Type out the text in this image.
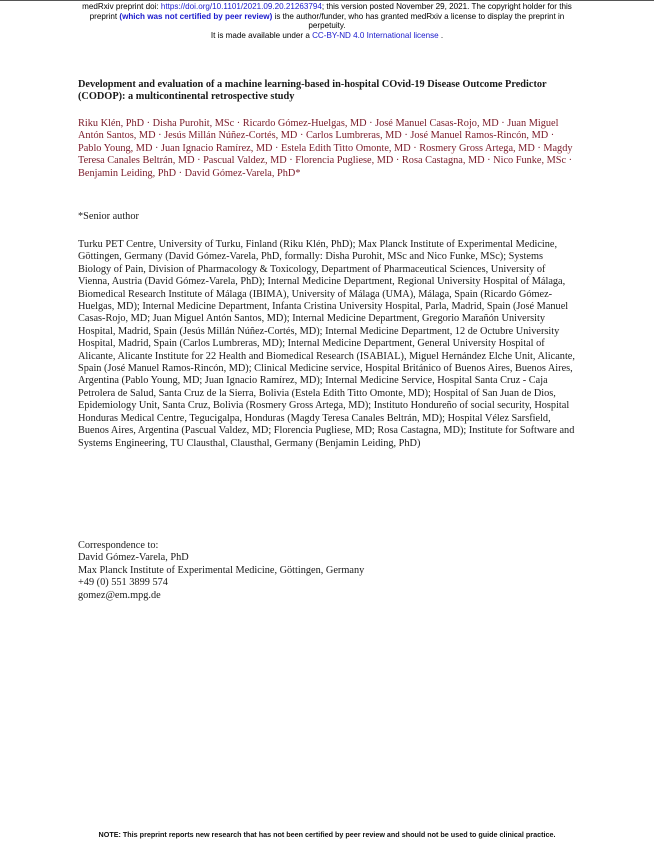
medRxiv preprint doi: https://doi.org/10.1101/2021.09.20.21263794; this version posted November 29, 2021. The copyright holder for this
preprint (which was not certified by peer review) is the author/funder, who has granted medRxiv a license to display the preprint in
perpetuity.
It is made available under a CC-BY-ND 4.0 International license .
Development and evaluation of a machine learning-based in-hospital COvid-19 Disease Outcome Predictor (CODOP): a multicontinental retrospective study
Riku Klén, PhD · Disha Purohit, MSc · Ricardo Gómez-Huelgas, MD · José Manuel Casas-Rojo, MD · Juan Miguel Antón Santos, MD · Jesús Millán Núñez-Cortés, MD · Carlos Lumbreras, MD · José Manuel Ramos-Rincón, MD · Pablo Young, MD · Juan Ignacio Ramírez, MD · Estela Edith Titto Omonte, MD · Rosmery Gross Artega, MD · Magdy Teresa Canales Beltrán, MD · Pascual Valdez, MD · Florencia Pugliese, MD · Rosa Castagna, MD · Nico Funke, MSc · Benjamin Leiding, PhD · David Gómez-Varela, PhD*
*Senior author
Turku PET Centre, University of Turku, Finland (Riku Klén, PhD); Max Planck Institute of Experimental Medicine, Göttingen, Germany (David Gómez-Varela, PhD, formally: Disha Purohit, MSc and Nico Funke, MSc); Systems Biology of Pain, Division of Pharmacology & Toxicology, Department of Pharmaceutical Sciences, University of Vienna, Austria (David Gómez-Varela, PhD); Internal Medicine Department, Regional University Hospital of Málaga, Biomedical Research Institute of Málaga (IBIMA), University of Málaga (UMA), Málaga, Spain (Ricardo Gómez-Huelgas, MD); Internal Medicine Department, Infanta Cristina University Hospital, Parla, Madrid, Spain (José Manuel Casas-Rojo, MD; Juan Miguel Antón Santos, MD); Internal Medicine Department, Gregorio Marañón University Hospital, Madrid, Spain (Jesús Millán Núñez-Cortés, MD); Internal Medicine Department, 12 de Octubre University Hospital, Madrid, Spain (Carlos Lumbreras, MD); Internal Medicine Department, General University Hospital of Alicante, Alicante Institute for 22 Health and Biomedical Research (ISABIAL), Miguel Hernández Elche Unit, Alicante, Spain (José Manuel Ramos-Rincón, MD); Clinical Medicine service, Hospital Británico of Buenos Aires, Buenos Aires, Argentina (Pablo Young, MD; Juan Ignacio Ramírez, MD); Internal Medicine Service, Hospital Santa Cruz - Caja Petrolera de Salud, Santa Cruz de la Sierra, Bolivia (Estela Edith Titto Omonte, MD); Hospital of San Juan de Dios, Epidemiology Unit, Santa Cruz, Bolivia (Rosmery Gross Artega, MD); Instituto Hondureño of social security, Hospital Honduras Medical Centre, Tegucigalpa, Honduras (Magdy Teresa Canales Beltrán, MD); Hospital Vélez Sarsfield, Buenos Aires, Argentina (Pascual Valdez, MD; Florencia Pugliese, MD; Rosa Castagna, MD); Institute for Software and Systems Engineering, TU Clausthal, Clausthal, Germany (Benjamin Leiding, PhD)
Correspondence to:
David Gómez-Varela, PhD
Max Planck Institute of Experimental Medicine, Göttingen, Germany
+49 (0) 551 3899 574
gomez@em.mpg.de
NOTE: This preprint reports new research that has not been certified by peer review and should not be used to guide clinical practice.
